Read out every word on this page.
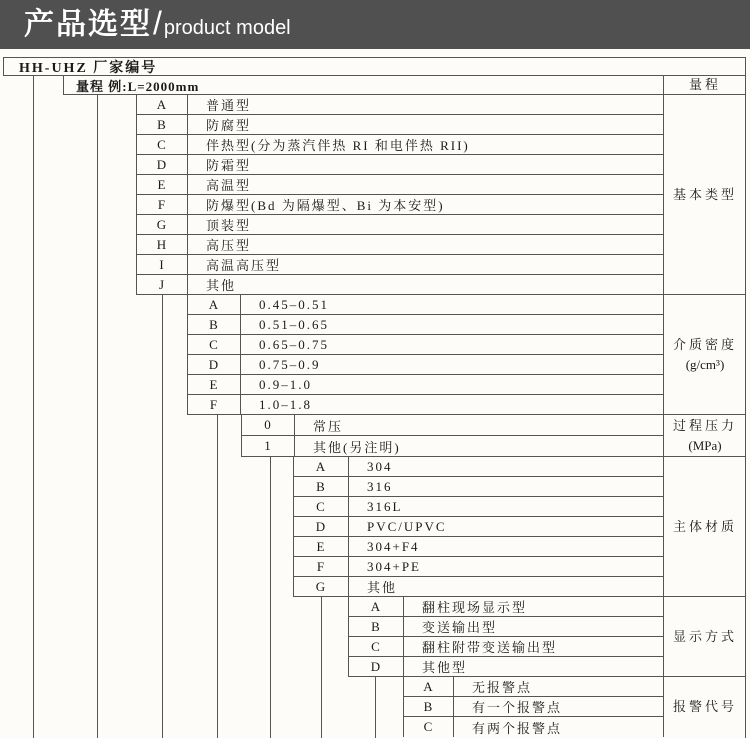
产品选型 / product model
HH-UHZ 厂家编号
量程 例:L=2000mm	量程
A	普通型
B	防腐型
C	伴热型(分为蒸汽伴热 RI 和电伴热 RII)
D	防霜型
E	高温型
F	防爆型(Bd 为隔爆型、Bi 为本安型)
G	顶装型
H	高压型
I	高温高压型
J	其他
基本类型
A	0.45–0.51
B	0.51–0.65
C	0.65–0.75
D	0.75–0.9
E	0.9–1.0
F	1.0–1.8
介质密度
(g/cm³)
0	常压
1	其他(另注明)
过程压力
(MPa)
A	304
B	316
C	316L
D	PVC/UPVC
E	304+F4
F	304+PE
G	其他
主体材质
A	翻柱现场显示型
B	变送输出型
C	翻柱附带变送输出型
D	其他型
显示方式
A	无报警点
B	有一个报警点
C	有两个报警点
报警代号
